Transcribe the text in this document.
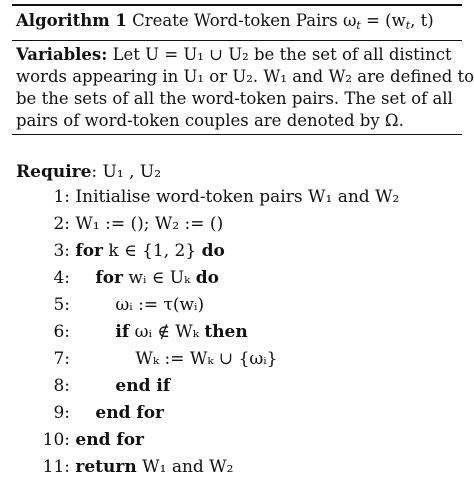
Algorithm 1 Create Word-token Pairs $\omega_t = (w_t$, t)
Variables: Let U = U₁ ∪ U₂ be the set of all distinct
words appearing in U₁ or U₂. W₁ and W₂ are defined to
be the sets of all the word-token pairs. The set of all
pairs of word-token couples are denoted by Ω.
Require: U₁ , U₂
1: Initialise word-token pairs W₁ and W₂
2: W₁ := (); W₂ := ()
3: for k ∈ {1, 2} do
4: for wᵢ ∈ Uₖ do
5:	ωᵢ := τ(wᵢ)
6:	if ωᵢ ∉ Wₖ then
7:	Wₖ := Wₖ ∪ {ωᵢ}
8:	end if
9: end for
10: end for
11: return W₁ and W₂
